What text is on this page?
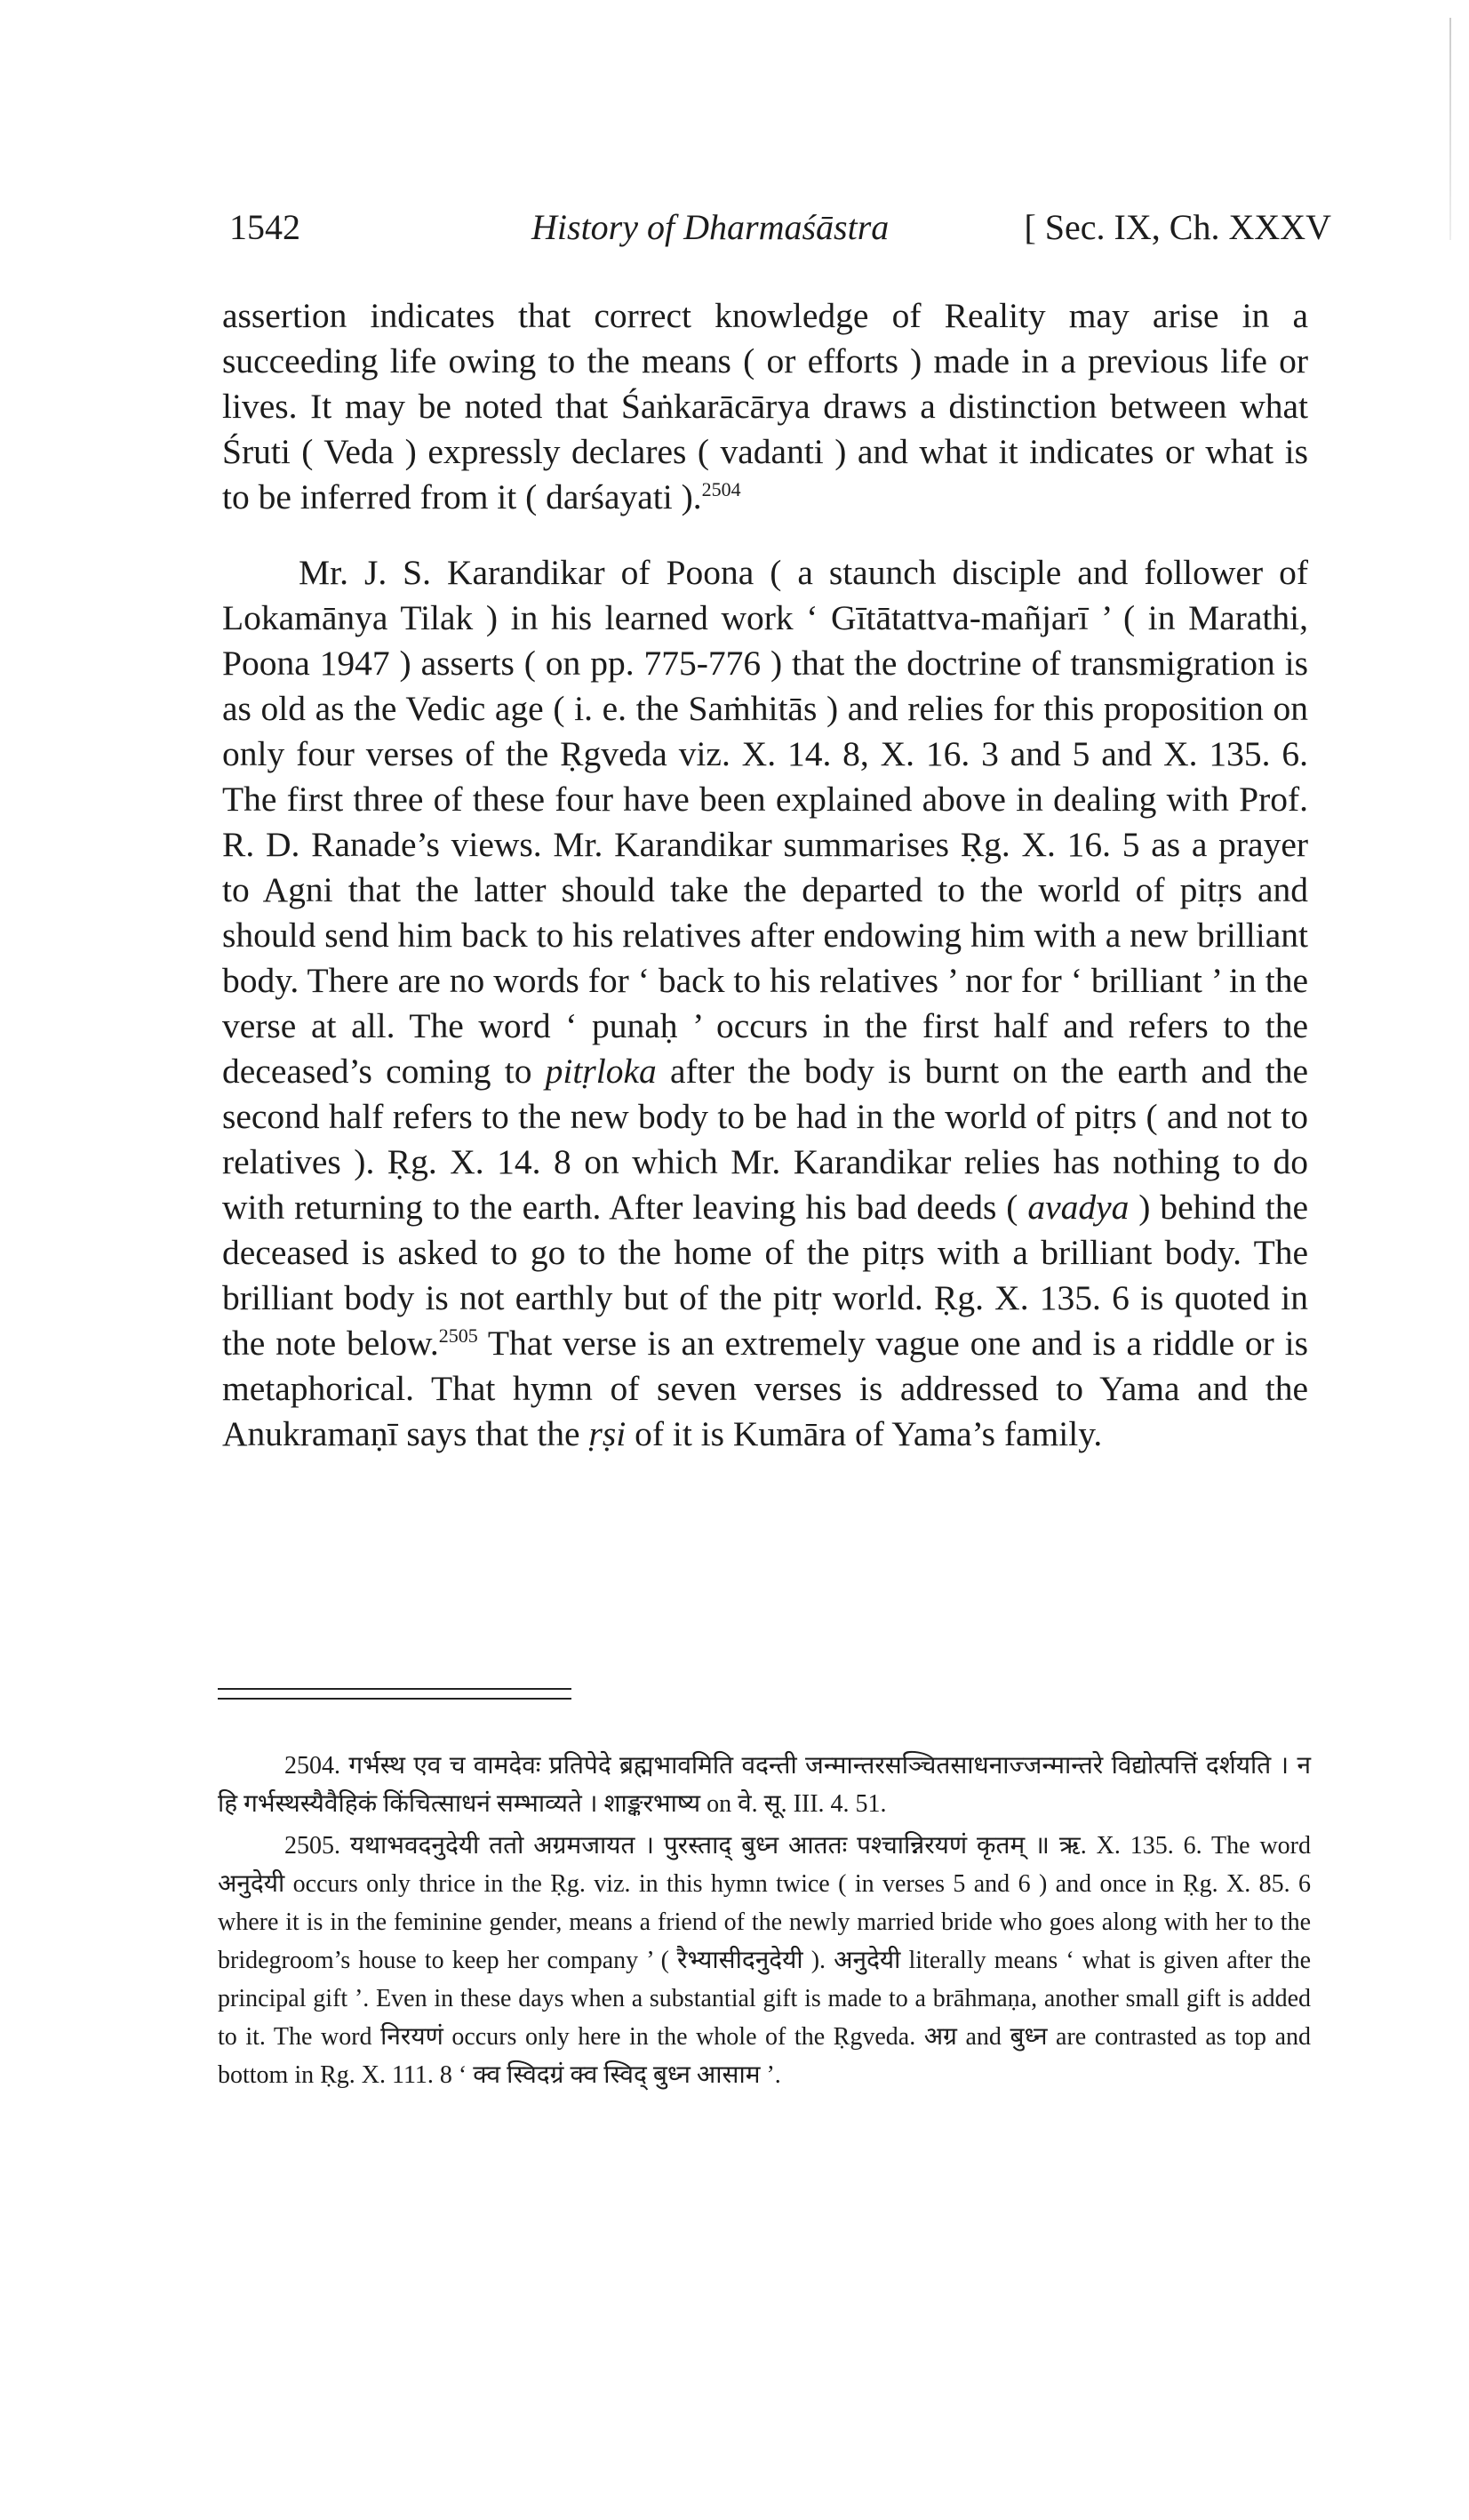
1542	History of Dharmaśāstra	[ Sec. IX, Ch. XXXV

assertion indicates that correct knowledge of Reality may arise in a succeeding life owing to the means ( or efforts ) made in a previous life or lives. It may be noted that Śaṅkarācārya draws a distinction between what Śruti ( Veda ) expressly declares ( vadanti ) and what it indicates or what is to be inferred from it ( darśayati ).$^{2504}$

Mr. J. S. Karandikar of Poona ( a staunch disciple and follower of Lokamānya Tilak ) in his learned work ‘ Gītātattva-mañjarī ’ ( in Marathi, Poona 1947 ) asserts ( on pp. 775-776 ) that the doctrine of transmigration is as old as the Vedic age ( i. e. the Saṁhitās ) and relies for this proposition on only four verses of the Ṛgveda viz. X. 14. 8, X. 16. 3 and 5 and X. 135. 6. The first three of these four have been explained above in dealing with Prof. R. D. Ranade’s views. Mr. Karandikar summarises Ṛg. X. 16. 5 as a prayer to Agni that the latter should take the departed to the world of pitṛs and should send him back to his relatives after endowing him with a new brilliant body. There are no words for ‘ back to his relatives ’ nor for ‘ brilliant ’ in the verse at all. The word ‘ punaḥ ’ occurs in the first half and refers to the deceased’s coming to pitṛloka after the body is burnt on the earth and the second half refers to the new body to be had in the world of pitṛs ( and not to relatives ). Ṛg. X. 14. 8 on which Mr. Karandikar relies has nothing to do with returning to the earth. After leaving his bad deeds ( avadya ) behind the deceased is asked to go to the home of the pitṛs with a brilliant body. The brilliant body is not earthly but of the pitṛ world. Ṛg. X. 135. 6 is quoted in the note below.$^{2505}$ That verse is an extremely vague one and is a riddle or is metaphorical. That hymn of seven verses is addressed to Yama and the Anukramaṇī says that the ṛṣi of it is Kumāra of Yama’s family.

2504. गर्भस्थ एव च वामदेवः प्रतिपेदे ब्रह्मभावमिति वदन्ती जन्मान्तरसञ्चितसाधनाज्जन्मान्तरे विद्योत्पत्तिं दर्शयति । न हि गर्भस्थस्यैवैहिकं किंचित्साधनं सम्भाव्यते । शाङ्करभाष्य on वे. सू. III. 4. 51.

2505. यथाभवदनुदेयी ततो अग्रमजायत । पुरस्ताद् बुध्न आततः पश्चान्निरयणं कृतम् ॥ ऋ. X. 135. 6. The word अनुदेयी occurs only thrice in the Ṛg. viz. in this hymn twice ( in verses 5 and 6 ) and once in Ṛg. X. 85. 6 where it is in the feminine gender, means a friend of the newly married bride who goes along with her to the bridegroom’s house to keep her company ’ ( रैभ्यासीदनुदेयी ). अनुदेयी literally means ‘ what is given after the principal gift ’. Even in these days when a substantial gift is made to a brāhmaṇa, another small gift is added to it. The word निरयणं occurs only here in the whole of the Ṛgveda. अग्र and बुध्न are contrasted as top and bottom in Ṛg. X. 111. 8 ‘ क्व स्विदग्रं क्व स्विद् बुध्न आसाम ’.
